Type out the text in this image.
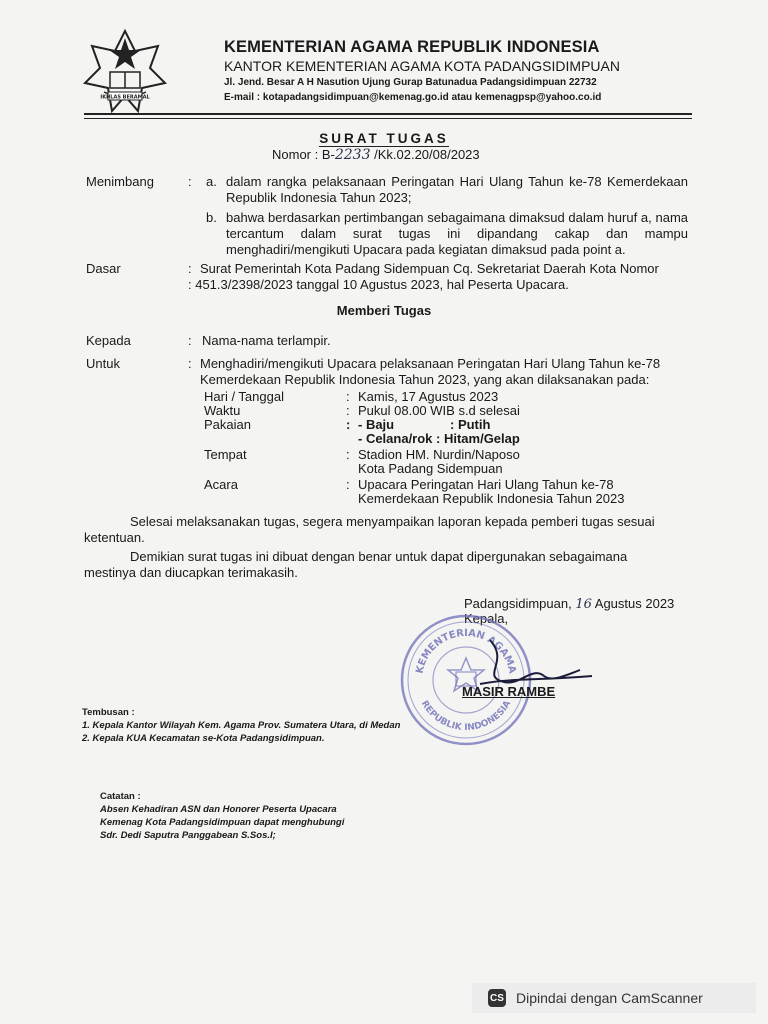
IKHLAS BERAMAL
KEMENTERIAN AGAMA REPUBLIK INDONESIA
KANTOR KEMENTERIAN AGAMA KOTA PADANGSIDIMPUAN
Jl. Jend. Besar A H Nasution Ujung Gurap Batunadua Padangsidimpuan 22732
E-mail : kotapadangsidimpuan@kemenag.go.id atau kemenagpsp@yahoo.co.id
SURAT TUGAS
Nomor : B-2233 /Kk.02.20/08/2023
Menimbang	: a. dalam rangka pelaksanaan Peringatan Hari Ulang Tahun ke-78 Kemerdekaan Republik Indonesia Tahun 2023;
b. bahwa berdasarkan pertimbangan sebagaimana dimaksud dalam huruf a, nama tercantum dalam surat tugas ini dipandang cakap dan mampu menghadiri/mengikuti Upacara pada kegiatan dimaksud pada point a.
Dasar	: Surat Pemerintah Kota Padang Sidempuan Cq. Sekretariat Daerah Kota Nomor
: 451.3/2398/2023 tanggal 10 Agustus 2023, hal Peserta Upacara.
Memberi Tugas
Kepada	: Nama-nama terlampir.
Untuk	: Menghadiri/mengikuti Upacara pelaksanaan Peringatan Hari Ulang Tahun ke-78
Kemerdekaan Republik Indonesia Tahun 2023, yang akan dilaksanakan pada:
Hari / Tanggal	: Kamis, 17 Agustus 2023
Waktu	: Pukul 08.00 WIB s.d selesai
Pakaian	: - Baju	: Putih
- Celana/rok : Hitam/Gelap
Tempat	: Stadion HM. Nurdin/Naposo
Kota Padang Sidempuan
Acara	: Upacara Peringatan Hari Ulang Tahun ke-78
Kemerdekaan Republik Indonesia Tahun 2023
Selesai melaksanakan tugas, segera menyampaikan laporan kepada pemberi tugas sesuai
ketentuan.
Demikian surat tugas ini dibuat dengan benar untuk dapat dipergunakan sebagaimana
mestinya dan diucapkan terimakasih.
Padangsidimpuan, 16 Agustus 2023
Kepala,
KEMENTERIAN AGAMA
REPUBLIK INDONESIA
MASIR RAMBE
Tembusan :
1. Kepala Kantor Wilayah Kem. Agama Prov. Sumatera Utara, di Medan
2. Kepala KUA Kecamatan se-Kota Padangsidimpuan.
Catatan :
Absen Kehadiran ASN dan Honorer Peserta Upacara
Kemenag Kota Padangsidimpuan dapat menghubungi
Sdr. Dedi Saputra Panggabean S.Sos.I;
CS Dipindai dengan CamScanner
